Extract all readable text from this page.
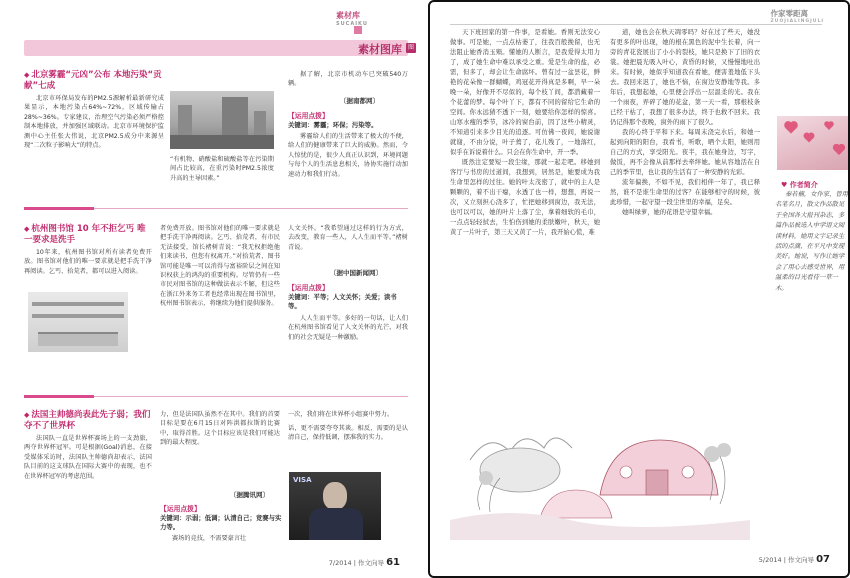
素材库
SUCAIKU
素材图库 图
◆ 北京雾霾“元凶”公布 本地污染“贡献”七成
北京市环保局发布的PM2.5源解析最新研究成果显示，本地污染占64%~72%，区域传输占28%~36%。专家建议，治理空气污染必须严格控制本地排放，并加强区域联动。北京市环境保护监测中心主任张大伟说，北京PM2.5成分中来源呈现“二次粒子影响大”的特点。
“有机物、硝酸盐和硫酸盐等在污染期间占比较高，在重污染时PM2.5浓度升高的主导因素。”
据了解，北京市机动车已突破540万辆。
〔据南都网〕
【运用点拨】
关键词：雾霾；环保；污染等。
雾霾给人们的生活带来了极大的不便，给人们的健康带来了巨大的威胁。然而，令人惊忧的是，很少人真正认识到，环境问题与每个人的生活息息相关，协协实施行动加速动力和我们行动。
◆ 杭州图书馆 10 年不拒乞丐 唯一要求是洗手
10年来，杭州图书馆对所有读者免费开放。图书馆对他们的唯一要求就是把手洗干净再阅读。乞丐、拾荒者，都可以进入阅读。
者免费开放。图书馆对他们的唯一要求就是把手洗干净再阅读。乞丐、拾荒者，有市民无法接受，馆长褚树青说：“我无权拒绝他们来读书，但您有权离开。”对拾荒者，图书馆可能是唯一可以消得与富裕阶层之间在知识权获上的鸿沟的重要机构。尽管仍有一些市民对图书馆的这种做法表示不解，但这些在浙江外来务工者也经常出现在图书馆里，杭州图书馆表示，将继续为他们提供服务。
人文关怀。“我希望通过这样的行为方式，去改变，教育一些人，人人生而平等。”褚树青说。
〔据中国新闻网〕
【运用点拨】
关键词：平等；人文关怀；关爱；读书等。
人人生而平等。多好的一句话，让人们在杭州图书馆看见了人文关怀的光芒，对我们的社会无疑是一种激励。
◆ 法国主帅德尚表此先子弱；我们夺不了世界杯
法国队一直是世界杯赛场上的一支劲旅，两夺世界杯冠军。可是根据(Goal)消息，在接受媒体采访时，法国队主帅德尚却表示，法国队目前的这支球队在国际大赛中的表现，也不在世界杯冠军的考虑范围。
力，但是法国队虽然不在其中。我们的首要目标是要在6月15日对阵洪都拉斯的比赛中，取得首胜。这个目标应该是我们可能达到的最大程度。
〔据腾讯网〕
【运用点拨】
关键词：示弱；低调；认清自己；竞赛与实力等。
赛场的竞技，不需要豪言壮
一次，我们将在世界杯小组赛中努力。
话，更不需要夸夸其谈。相反，需要的是认清自己，保持低调，摆准我的实力。
VISA
7/2014 | 作文向导 61
作家零距离
ZUOJIALINGJULI

天下班回家的第一件事，是看她。香则无法安心做事。可是她，一点点枯萎了，往我百般挽留，也无法阻止她香消玉殒。懂她的人断言，是我爱得太用力了，成了她生命中难以承受之重。爱是生命的盐，必需，但多了，却会让生命腐坏。曾有过一盆昙花，鲜艳的花朵像一群蝴蝶，鸡冠花开得真是多啊，早一朵晚一朵，好像开不尽似的，每个枝丫间，都潜藏着一个花蕾的梦。每个叶丫下，都有不同的留给它生命的空间。你永远猜不透下一刻，她要给你怎样的惊喜。山寒水瘦的季节，冰冷的窗台前，因了这些小精灵，不知道引来多少目光的追逐。可仿佛一夜间，她说谢就谢，不由分说，叶子蔫了，花儿残了，一地落红，似乎在诉说着什么。只会在你生命中，开一季。

既然注定要短一段尘缘，那就一起走吧。移她到客厅与书房的过道间，我想到，居然是，她要成为我生命里怎样的过往。她的叶太茂密了，就中的主人是颗颗的，着不出干瘪，水透了也一样，想想，再说一次，又立刻担心浇多了，忙把她移到窗边，我无法，也可以可以，她的叶片上落了尘，拿着细软的毛巾，一点点轻轻拭去，生怕伤到她的柔肤嫩叶，秋天，她黄了一片叶子，第三天又黄了一片，我开始心慌，难

道，她也会在秋天凋零吗？好在过了些天，她没有更多的叶出现，她的根在黑色的泥中生长着，向一旁的青花瓷展出了小小的裂枝，她只是换下了旧的衣裳。她把晨光吸入叶心，黄昏的时候，又慢慢地吐出来。有时候，她似乎知道我在看她，便害羞地低下头去。我回来迟了，她也不恼，在窗边安静地等我。多年后，我想起她，心里便会浮出一层温柔的光。我在一个雨夜，弄碎了她的花盆，第一天一看，那根枝条已经干枯了，我想了很多办法，终于也救不回来。我仍记得那个夜晚，窗外的雨下了很久。

我的心终于平和下来。每周末浇完水后，和她一起到向阳的阳台，我看书，听歌，晒个太阳，她则用自己的方式，享受阳光。夜半，我在她身边，写字，做饭，再不会像从前那样去牵绊她。她从容地活在自己的季节里，也让我的生活有了一种安静的光彩。

流年偏换，不如不见，我们相伴一年了，我已释然，谁不是谁生命里的过客？在能够相守的时候，彼此珍惜，一起守望一段尘世里的幸福，足矣。

她叫绿萝，她的花语是守望幸福。

♥ 作者简介

秦若楠，女作家，曾用名笔名月，散文作品散见于全国各大报刊杂志，多篇作品被选入中学语文阅读材料，她用文字记录生活的点滴，在平凡中发现美好。她说，写作让她学会了用心去感受世界，用温柔的目光看待一草一木。

5/2014 | 作文向导 07
